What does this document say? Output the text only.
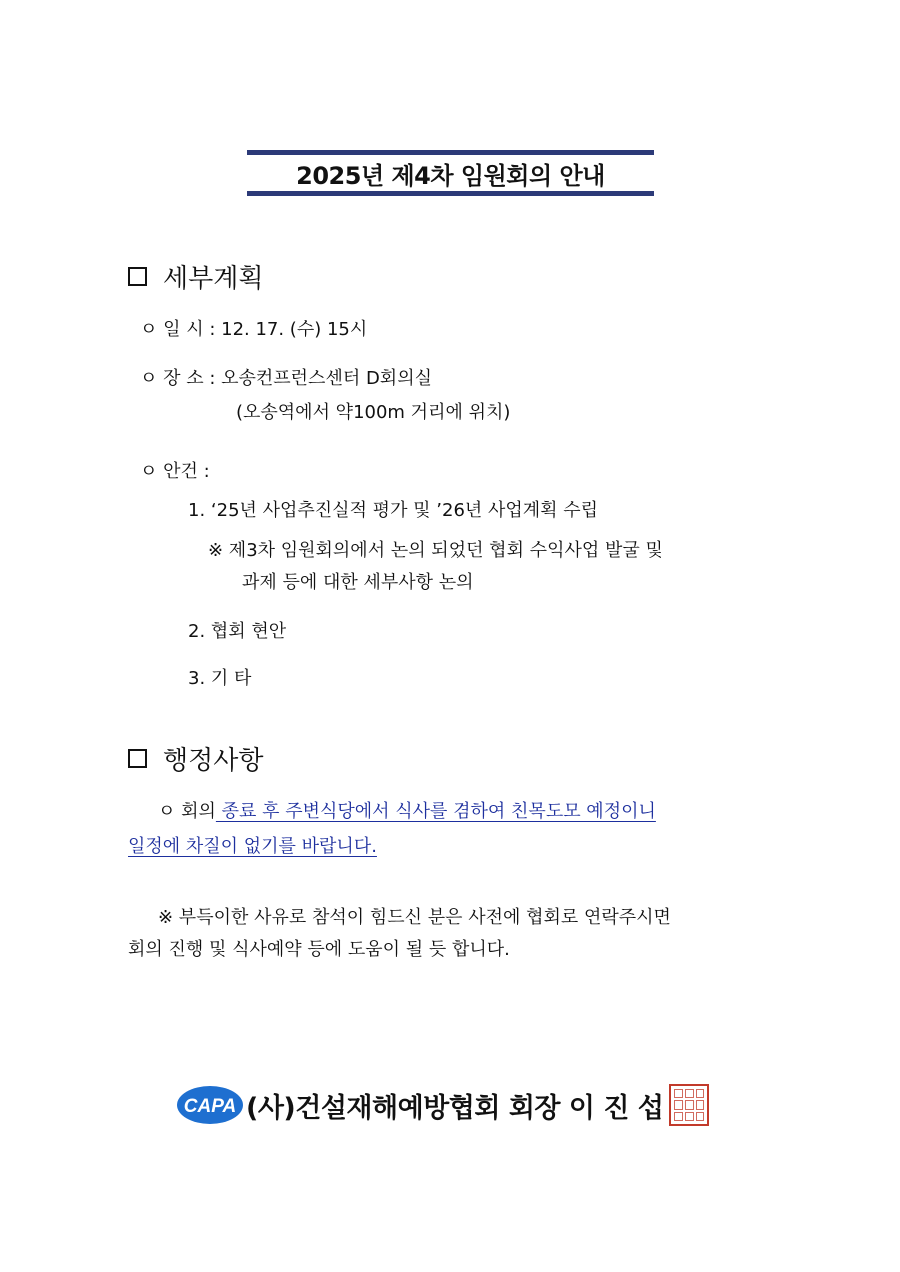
2025년 제4차 임원회의 안내
세부계획
ㅇ 일 시 : 12. 17. (수) 15시
ㅇ 장 소 : 오송컨프런스센터 D회의실
(오송역에서 약100m 거리에 위치)
ㅇ 안건 :
1. ‘25년 사업추진실적 평가 및 ’26년 사업계획 수립
※ 제3차 임원회의에서 논의 되었던 협회 수익사업 발굴 및
과제 등에 대한 세부사항 논의
2. 협회 현안
3. 기 타
행정사항
ㅇ 회의 종료 후 주변식당에서 식사를 겸하여 친목도모 예정이니
일정에 차질이 없기를 바랍니다.
※ 부득이한 사유로 참석이 힘드신 분은 사전에 협회로 연락주시면
회의 진행 및 식사예약 등에 도움이 될 듯 합니다.
CAPA (사)건설재해예방협회 회장 이 진 섭
